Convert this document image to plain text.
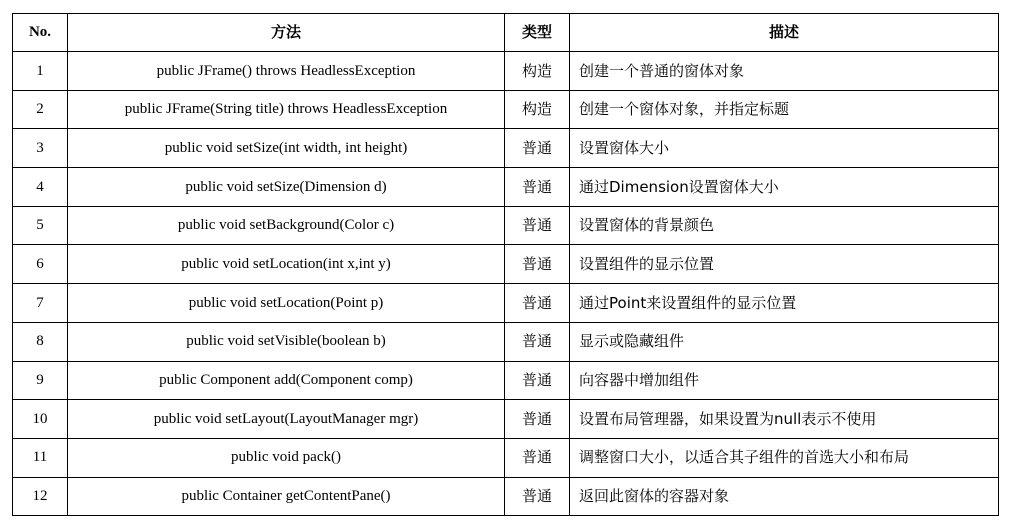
No.	方法	类型	描述
1	public JFrame() throws HeadlessException	构造	创建一个普通的窗体对象
2	public JFrame(String title) throws HeadlessException	构造	创建一个窗体对象，并指定标题
3	public void setSize(int width, int height)	普通	设置窗体大小
4	public void setSize(Dimension d)	普通	通过Dimension设置窗体大小
5	public void setBackground(Color c)	普通	设置窗体的背景颜色
6	public void setLocation(int x,int y)	普通	设置组件的显示位置
7	public void setLocation(Point p)	普通	通过Point来设置组件的显示位置
8	public void setVisible(boolean b)	普通	显示或隐藏组件
9	public Component add(Component comp)	普通	向容器中增加组件
10	public void setLayout(LayoutManager mgr)	普通	设置布局管理器，如果设置为null表示不使用
11	public void pack()	普通	调整窗口大小，以适合其子组件的首选大小和布局
12	public Container getContentPane()	普通	返回此窗体的容器对象
